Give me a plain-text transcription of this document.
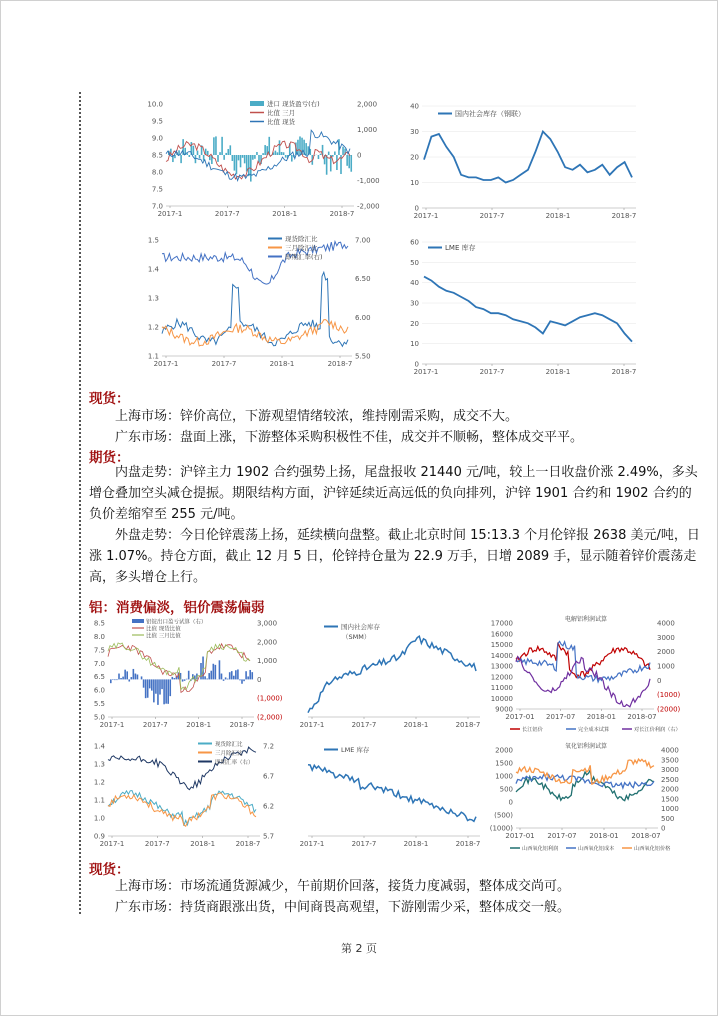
10.0
9.5
9.0
8.5
8.0
7.5
7.0
2,000
1,000
0
-1,000
-2,000
2017-1	2017-7	2018-1	2018-7
进口 现货盈亏(右)
比值 三月
比值 现货
40
30
20
10
0
2017-1	2017-7	2018-1	2018-7
国内社会库存（钢联）
1.5
1.4
1.3
1.2
1.1
7.00
6.50
6.00
5.50
2017-1	2017-7	2018-1	2018-7
现货除汇比
三月除汇比
即期汇率(右)
60
50
40
30
20
10
0
2017-1	2017-7	2018-1	2018-7
LME 库存
现货：

上海市场：锌价高位，下游观望情绪较浓，维持刚需采购，成交不大。

广东市场：盘面上涨，下游整体采购积极性不佳，成交并不顺畅，整体成交平平。

期货：

内盘走势：沪锌主力 1902 合约强势上扬，尾盘报收 21440 元/吨，较上一日收盘价涨 2.49%，多头增仓叠加空头减仓提振。期限结构方面，沪锌延续近高远低的负向排列，沪锌 1901 合约和 1902 合约的负价差缩窄至 255 元/吨。

外盘走势：今日伦锌震荡上扬，延续横向盘整。截止北京时间 15:13.3 个月伦锌报 2638 美元/吨，日涨 1.07%。持仓方面，截止 12 月 5 日，伦锌持仓量为 22.9 万手，日增 2089 手，显示随着锌价震荡走高，多头增仓上行。

铝：消费偏淡，铝价震荡偏弱
8.5
8.0
7.5
7.0
6.5
6.0
5.5
5.0
3,000
2,000
1,000
0
(1,000)
(2,000)
2017-1	2017-7	2018-1	2018-7
铝锭出口盈亏试算（右）
比值 现货比值
比值 三月比值
2017-1	2017-7	2018-1	2018-7
国内社会库存
（SMM）
电解铝利润试算
17000
16000
15000
14000
13000
12000
11000
10000
9000
4000
3000
2000
1000
0
(1000)
(2000)
2017-01 2017-07 2018-01 2018-07
长江铝价	完全成本试算	对长江价利润（右）
1.4
1.3
1.2
1.1
1.0
0.9
7.2
6.7
6.2
5.7
2017-1	2017-7	2018-1	2018-7
现货除汇比
三月除汇比
即期汇率（右）
2017-1	2017-7	2018-1	2018-7
LME 库存	氧化铝利润试算
2000
1500
1000
500
0
(500)
(1000)
4000
3500
3000
2500
2000
1500
1000
500
0
2017-01 2017-07 2018-01 2018-07
山西氧化铝利润	山西氧化铝成本	山西氧化铝价格
现货：

上海市场：市场流通货源减少，午前期价回落，接货力度减弱，整体成交尚可。

广东市场：持货商跟涨出货，中间商畏高观望，下游刚需少采，整体成交一般。

第 2 页
